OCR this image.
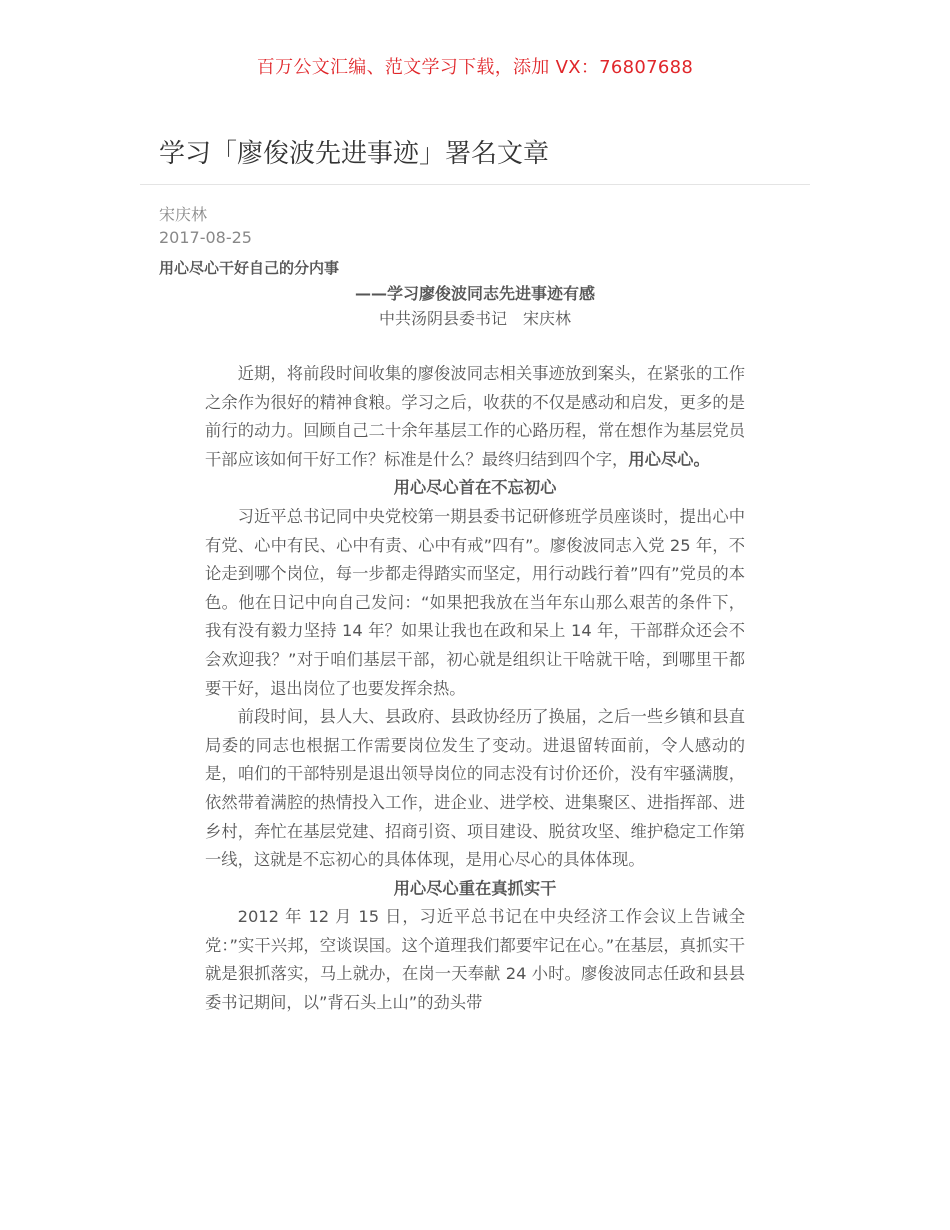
百万公文汇编、范文学习下载，添加 VX：76807688
学习「廖俊波先进事迹」署名文章
宋庆林
2017-08-25
用心尽心干好自己的分内事
——学习廖俊波同志先进事迹有感
中共汤阴县委书记　宋庆林

近期，将前段时间收集的廖俊波同志相关事迹放到案头，在紧张的工作之余作为很好的精神食粮。学习之后，收获的不仅是感动和启发，更多的是前行的动力。回顾自己二十余年基层工作的心路历程，常在想作为基层党员干部应该如何干好工作？标准是什么？最终归结到四个字，用心尽心。

用心尽心首在不忘初心

习近平总书记同中央党校第一期县委书记研修班学员座谈时，提出心中有党、心中有民、心中有责、心中有戒”四有”。廖俊波同志入党 25 年，不论走到哪个岗位，每一步都走得踏实而坚定，用行动践行着”四有”党员的本色。他在日记中向自己发问：“如果把我放在当年东山那么艰苦的条件下，我有没有毅力坚持 14 年？如果让我也在政和呆上 14 年，干部群众还会不会欢迎我？”对于咱们基层干部，初心就是组织让干啥就干啥，到哪里干都要干好，退出岗位了也要发挥余热。

前段时间，县人大、县政府、县政协经历了换届，之后一些乡镇和县直局委的同志也根据工作需要岗位发生了变动。进退留转面前，令人感动的是，咱们的干部特别是退出领导岗位的同志没有讨价还价，没有牢骚满腹，依然带着满腔的热情投入工作，进企业、进学校、进集聚区、进指挥部、进乡村，奔忙在基层党建、招商引资、项目建设、脱贫攻坚、维护稳定工作第一线，这就是不忘初心的具体体现，是用心尽心的具体体现。

用心尽心重在真抓实干

2012 年 12 月 15 日，习近平总书记在中央经济工作会议上告诫全党：”实干兴邦，空谈误国。这个道理我们都要牢记在心。”在基层，真抓实干就是狠抓落实，马上就办，在岗一天奉献 24 小时。廖俊波同志任政和县县委书记期间，以”背石头上山”的劲头带
